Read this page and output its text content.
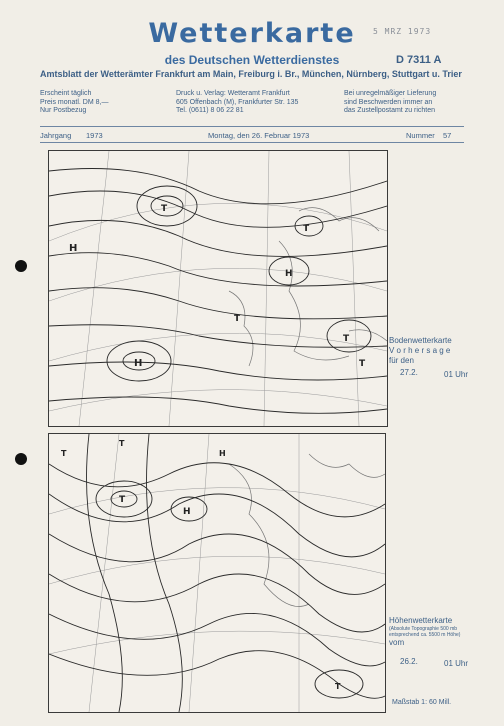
Wetterkarte	5 MRZ 1973
des Deutschen Wetterdienstes	D 7311 A
Amtsblatt der Wetterämter Frankfurt am Main, Freiburg i. Br., München, Nürnberg, Stuttgart u. Trier
Erscheint täglich
Preis monatl. DM 8,—
Nur Postbezug
Druck u. Verlag: Wetteramt Frankfurt
605 Offenbach (M), Frankfurter Str. 135
Tel. (0611) 8 06 22 81
Bei unregelmäßiger Lieferung
sind Beschwerden immer an
das Zustellpostamt zu richten
Jahrgang 1973	Montag, den 26. Februar 1973	Nummer 57
H
H
T
T
T
H
T
T
Bodenwetterkarte
V o r h e r s a g e
für den
27.2.	01 Uhr
T
T
T
H
H
T
Höhenwetterkarte
(Absolute Topographie 500 mb
entsprechend ca. 5500 m Höhe)
vom
26.2.	01 Uhr
Maßstab 1: 60 Mill.
